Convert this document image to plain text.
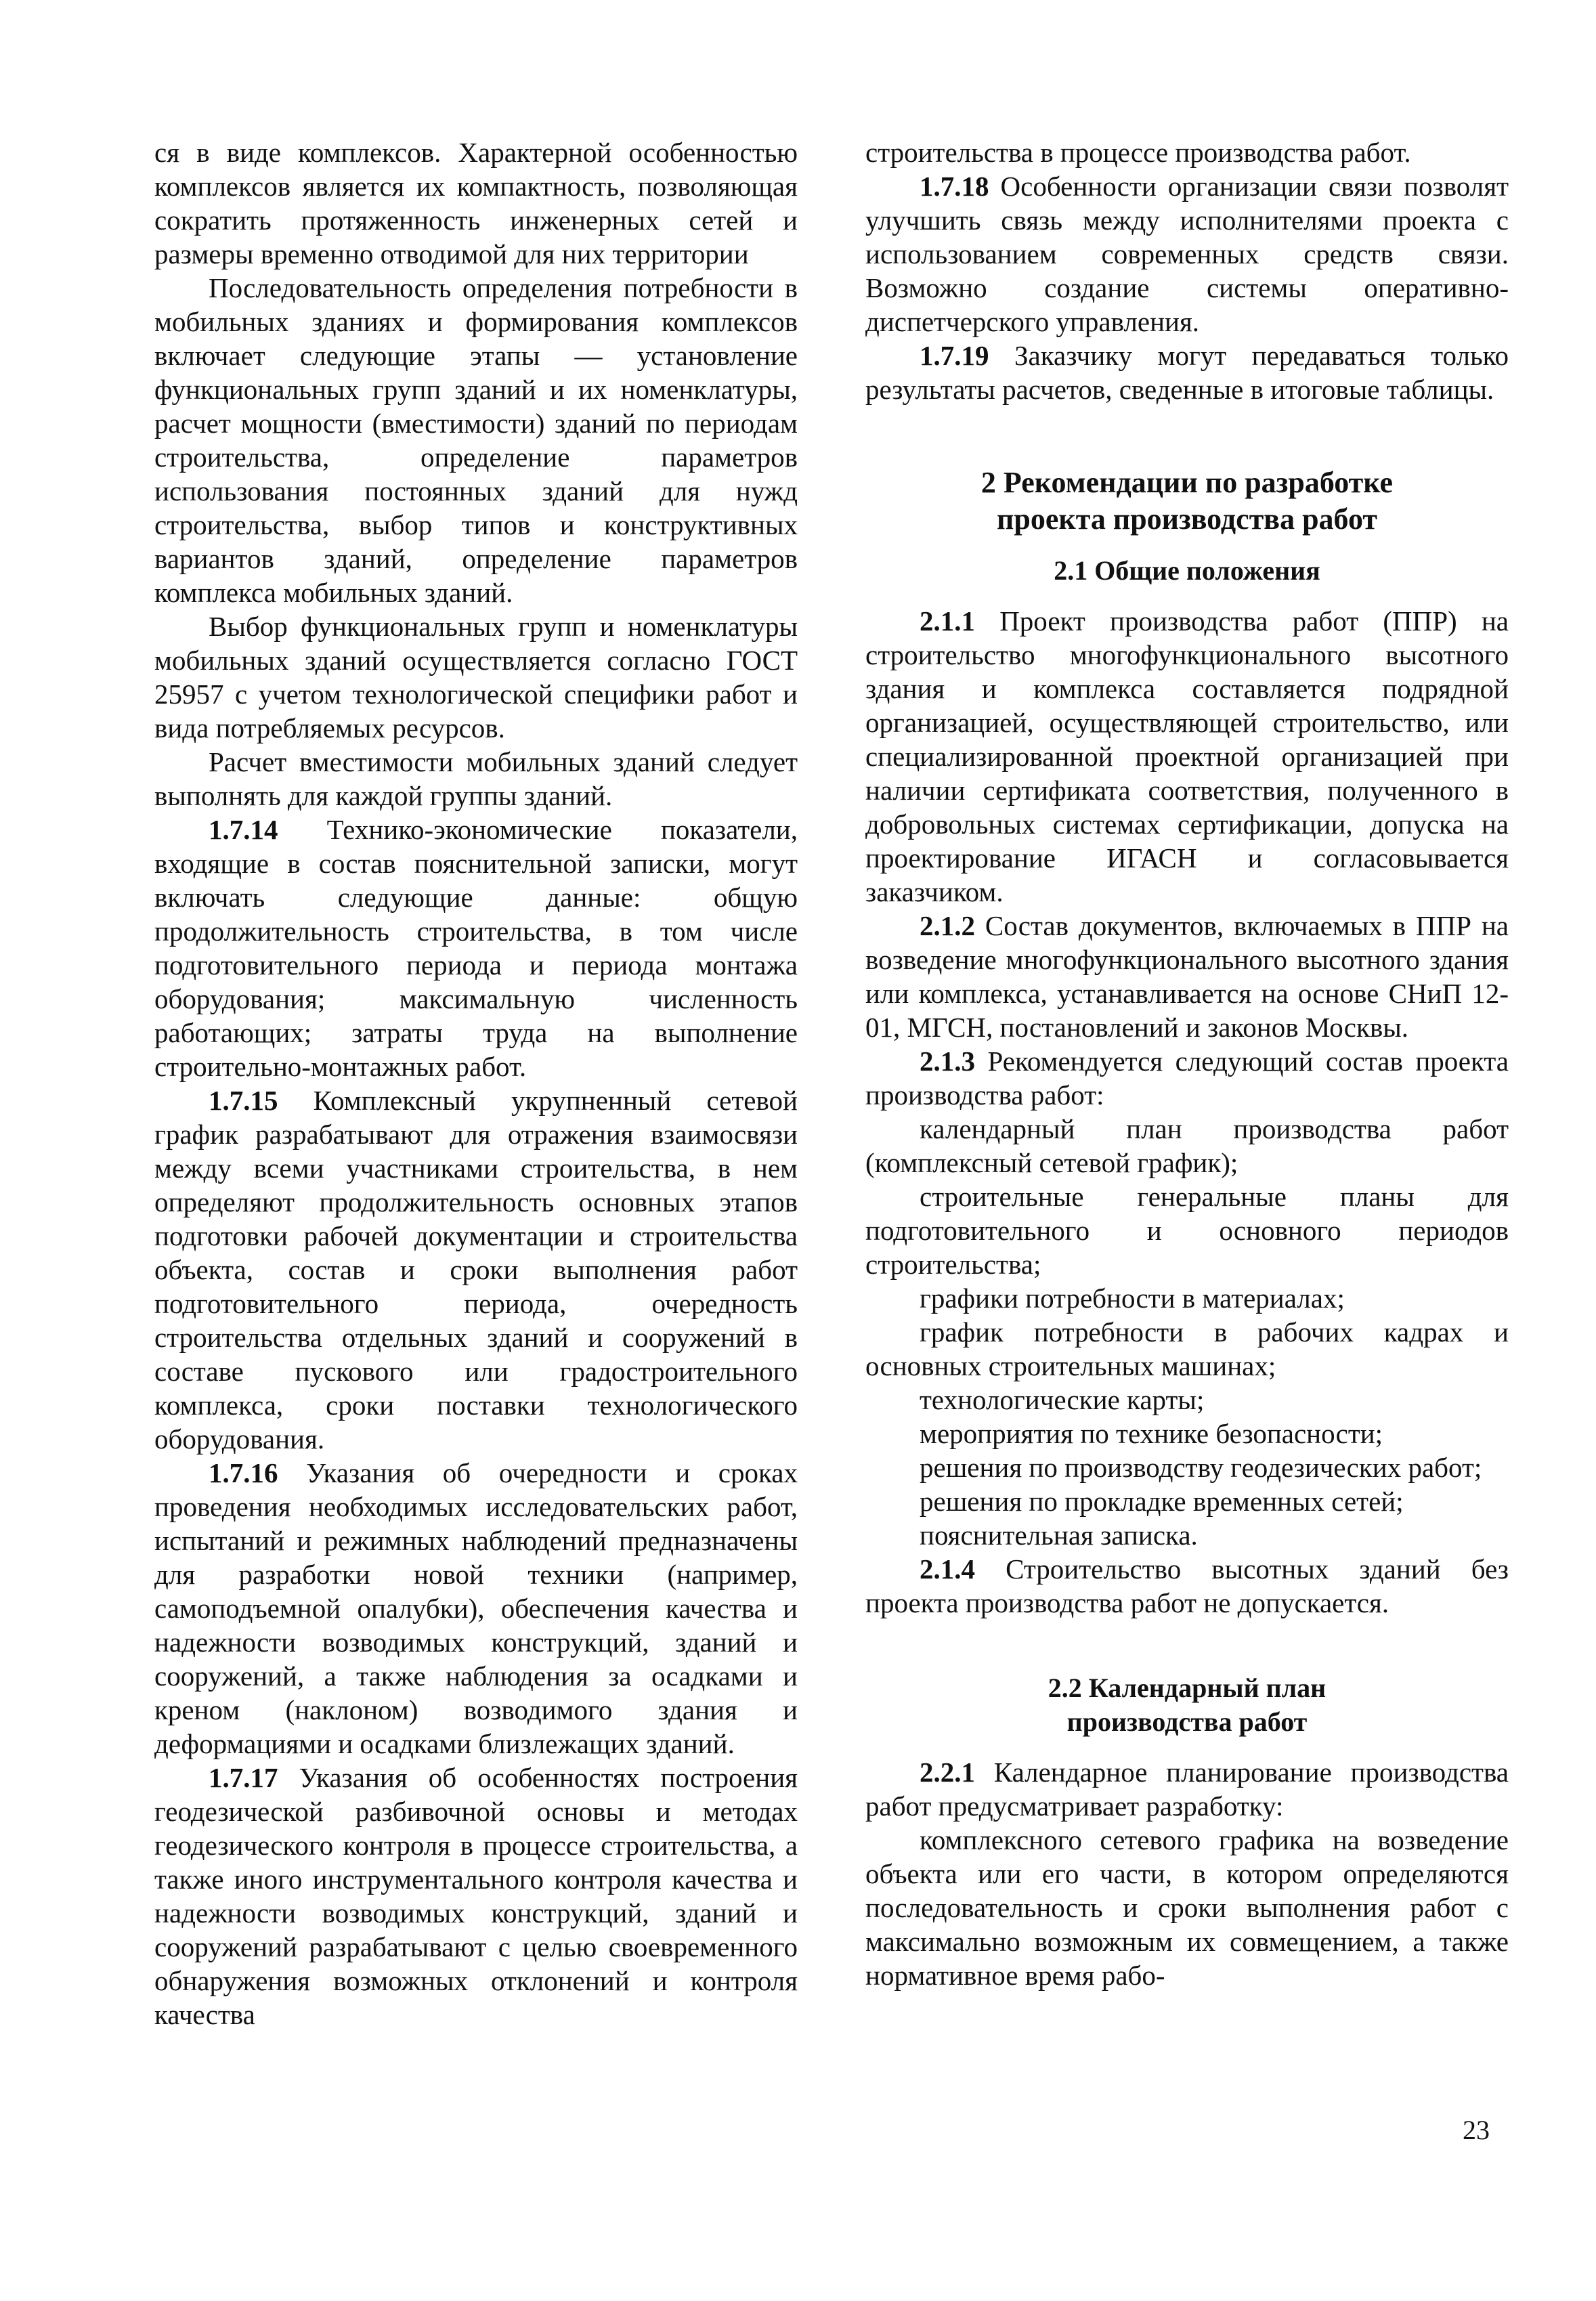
ся в виде комплексов. Характерной особенностью комплексов является их компактность, позволяющая сократить протяженность инженерных сетей и размеры временно отводимой для них территории

Последовательность определения потребности в мобильных зданиях и формирования комплексов включает следующие этапы — установление функциональных групп зданий и их номенклатуры, расчет мощности (вместимости) зданий по периодам строительства, определение параметров использования постоянных зданий для нужд строительства, выбор типов и конструктивных вариантов зданий, определение параметров комплекса мобильных зданий.

Выбор функциональных групп и номенклатуры мобильных зданий осуществляется согласно ГОСТ 25957 с учетом технологической специфики работ и вида потребляемых ресурсов.

Расчет вместимости мобильных зданий следует выполнять для каждой группы зданий.

1.7.14 Технико-экономические показатели, входящие в состав пояснительной записки, могут включать следующие данные: общую продолжительность строительства, в том числе подготовительного периода и периода монтажа оборудования; максимальную численность работающих; затраты труда на выполнение строительно-монтажных работ.

1.7.15 Комплексный укрупненный сетевой график разрабатывают для отражения взаимосвязи между всеми участниками строительства, в нем определяют продолжительность основных этапов подготовки рабочей документации и строительства объекта, состав и сроки выполнения работ подготовительного периода, очередность строительства отдельных зданий и сооружений в составе пускового или градостроительного комплекса, сроки поставки технологического оборудования.

1.7.16 Указания об очередности и сроках проведения необходимых исследовательских работ, испытаний и режимных наблюдений предназначены для разработки новой техники (например, самоподъемной опалубки), обеспечения качества и надежности возводимых конструкций, зданий и сооружений, а также наблюдения за осадками и креном (наклоном) возводимого здания и деформациями и осадками близлежащих зданий.

1.7.17 Указания об особенностях построения геодезической разбивочной основы и методах геодезического контроля в процессе строительства, а также иного инструментального контроля качества и надежности возводимых конструкций, зданий и сооружений разрабатывают с целью своевременного обнаружения возможных отклонений и контроля качества

строительства в процессе производства работ.

1.7.18 Особенности организации связи позволят улучшить связь между исполнителями проекта с использованием современных средств связи. Возможно создание системы оперативно-диспетчерского управления.

1.7.19 Заказчику могут передаваться только результаты расчетов, сведенные в итоговые таблицы.

2 Рекомендации по разработке
проекта производства работ
2.1 Общие положения

2.1.1 Проект производства работ (ППР) на строительство многофункционального высотного здания и комплекса составляется подрядной организацией, осуществляющей строительство, или специализированной проектной организацией при наличии сертификата соответствия, полученного в добровольных системах сертификации, допуска на проектирование ИГАСН и согласовывается заказчиком.

2.1.2 Состав документов, включаемых в ППР на возведение многофункционального высотного здания или комплекса, устанавливается на основе СНиП 12-01, МГСН, постановлений и законов Москвы.

2.1.3 Рекомендуется следующий состав проекта производства работ:

календарный план производства работ (комплексный сетевой график);

строительные генеральные планы для подготовительного и основного периодов строительства;

графики потребности в материалах;

график потребности в рабочих кадрах и основных строительных машинах;

технологические карты;

мероприятия по технике безопасности;

решения по производству геодезических работ;

решения по прокладке временных сетей;

пояснительная записка.

2.1.4 Строительство высотных зданий без проекта производства работ не допускается.

2.2 Календарный план
производства работ

2.2.1 Календарное планирование производства работ предусматривает разработку:

комплексного сетевого графика на возведение объекта или его части, в котором определяются последовательность и сроки выполнения работ с максимально возможным их совмещением, а также нормативное время рабо-

23
